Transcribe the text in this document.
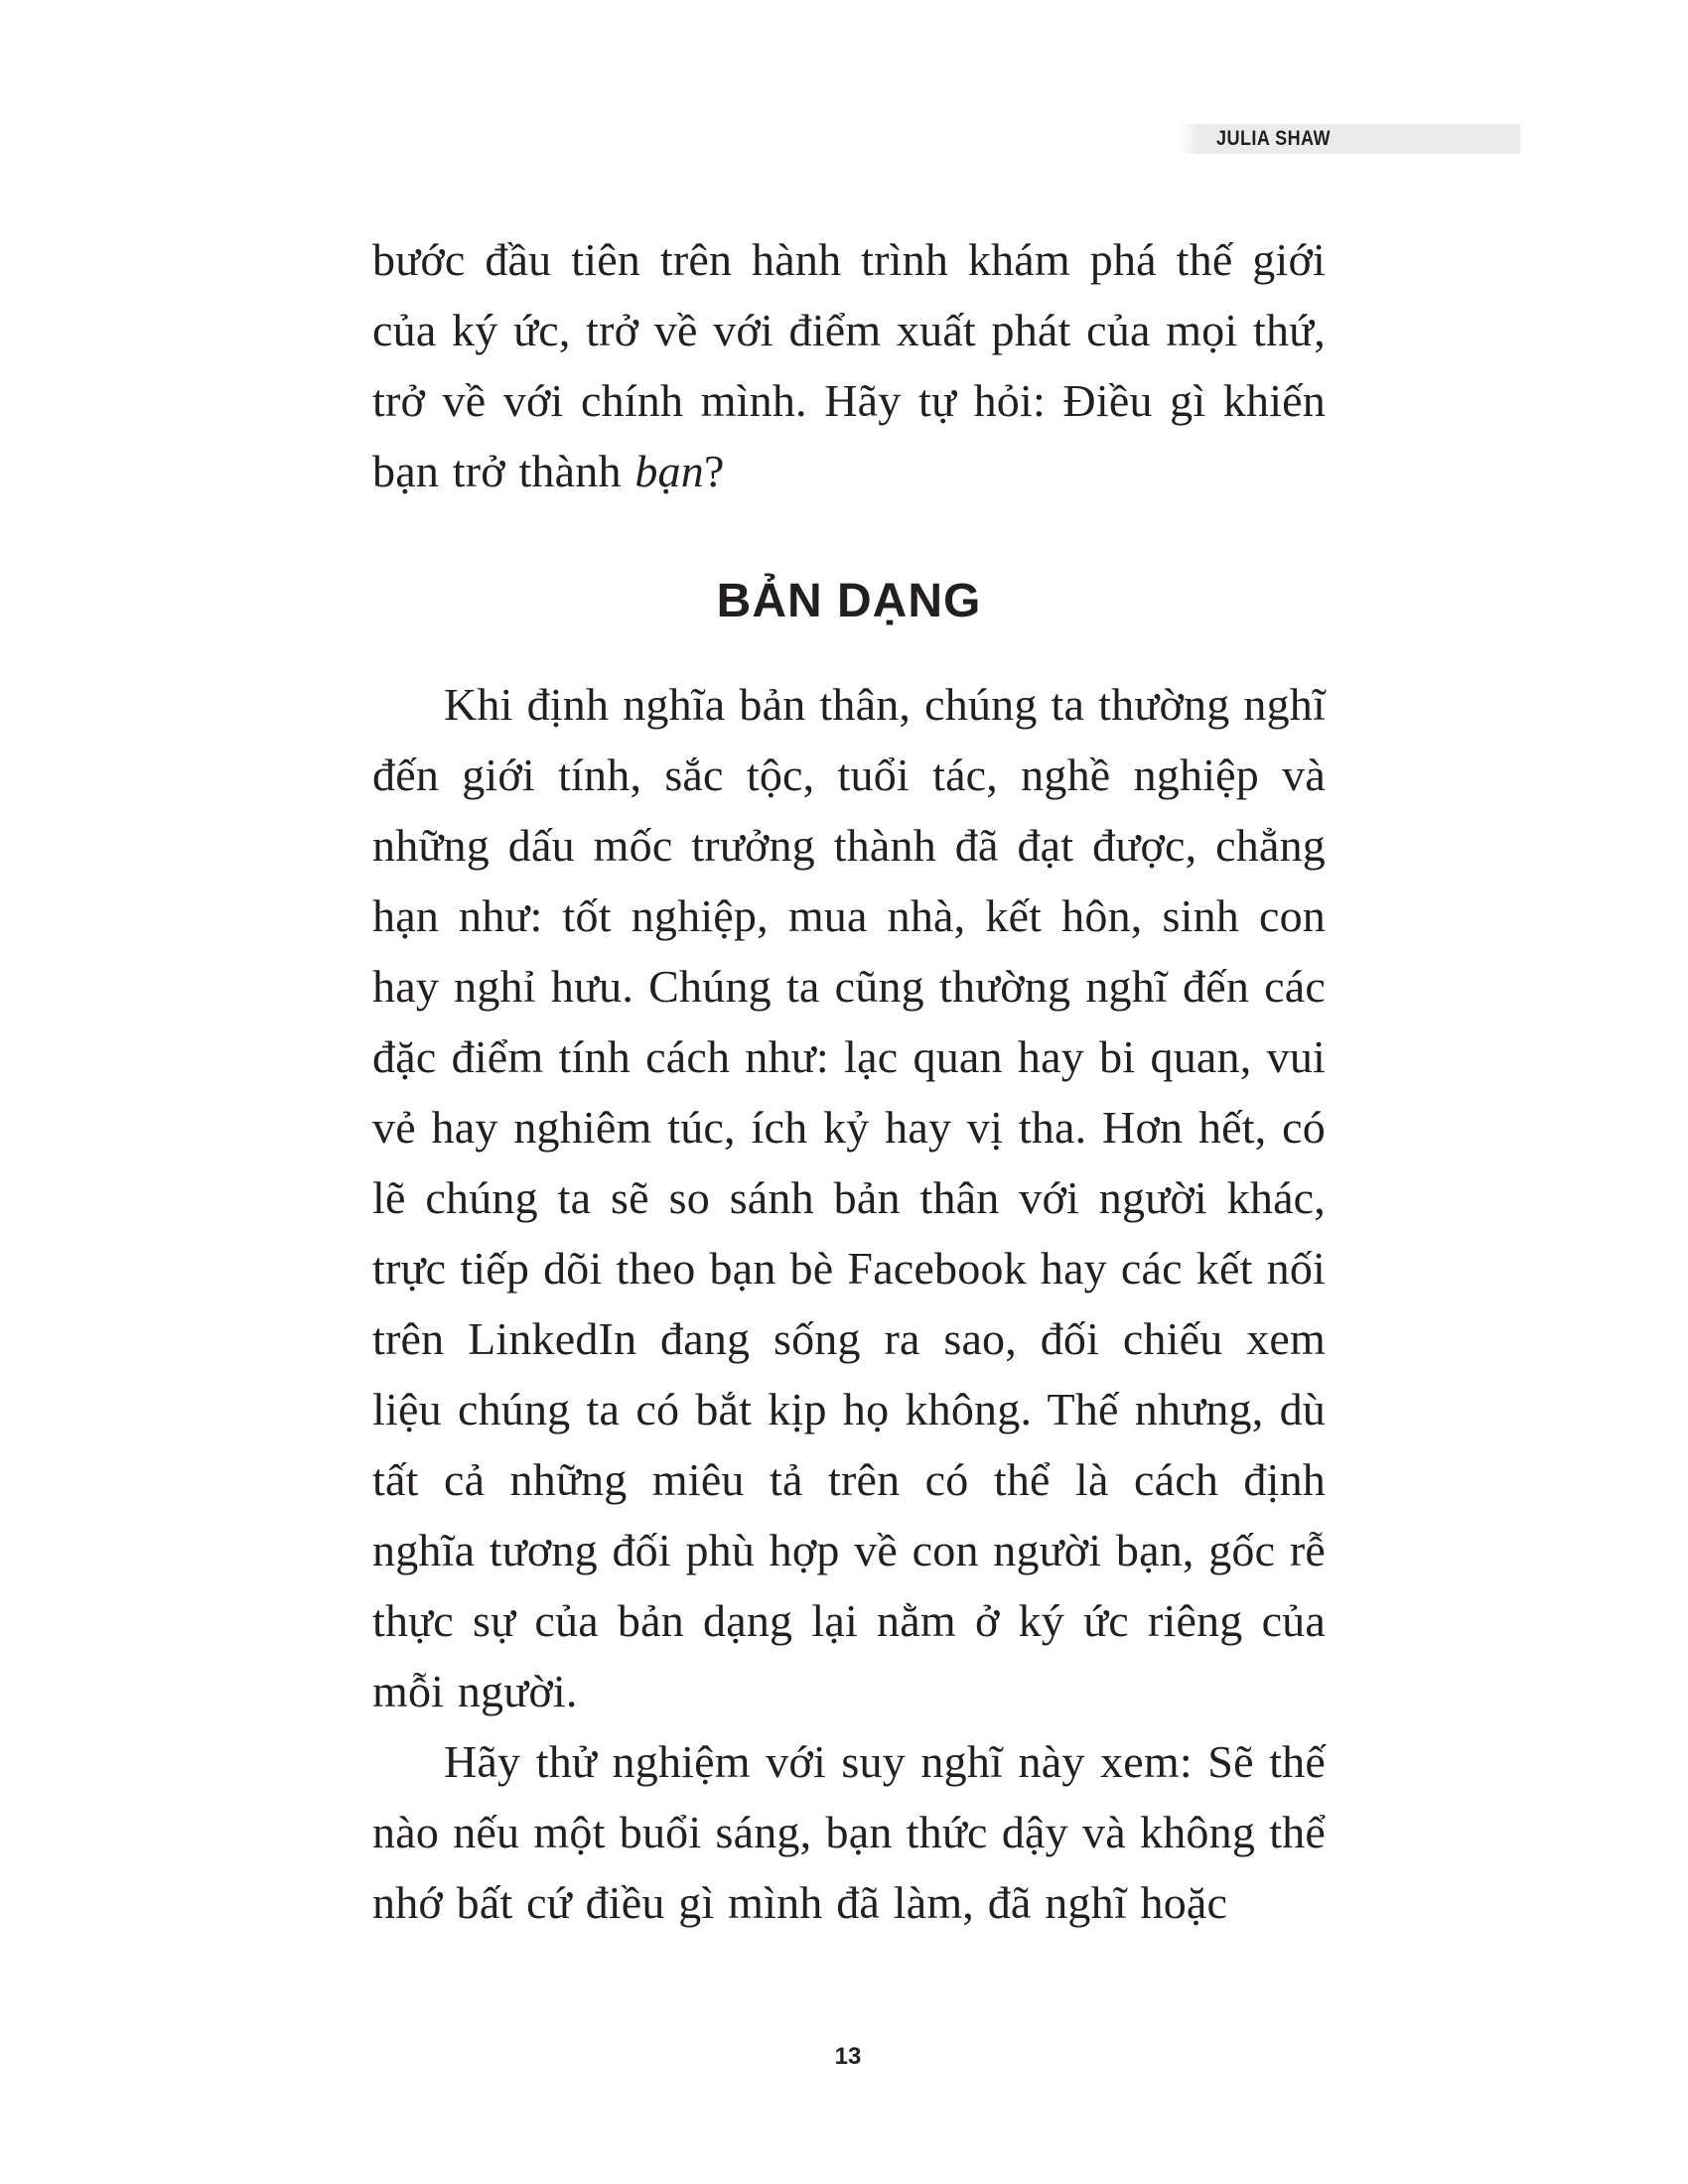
JULIA SHAW

bước đầu tiên trên hành trình khám phá thế giới của ký ức, trở về với điểm xuất phát của mọi thứ, trở về với chính mình. Hãy tự hỏi: Điều gì khiến bạn trở thành bạn?

BẢN DẠNG

Khi định nghĩa bản thân, chúng ta thường nghĩ đến giới tính, sắc tộc, tuổi tác, nghề nghiệp và những dấu mốc trưởng thành đã đạt được, chẳng hạn như: tốt nghiệp, mua nhà, kết hôn, sinh con hay nghỉ hưu. Chúng ta cũng thường nghĩ đến các đặc điểm tính cách như: lạc quan hay bi quan, vui vẻ hay nghiêm túc, ích kỷ hay vị tha. Hơn hết, có lẽ chúng ta sẽ so sánh bản thân với người khác, trực tiếp dõi theo bạn bè Facebook hay các kết nối trên LinkedIn đang sống ra sao, đối chiếu xem liệu chúng ta có bắt kịp họ không. Thế nhưng, dù tất cả những miêu tả trên có thể là cách định nghĩa tương đối phù hợp về con người bạn, gốc rễ thực sự của bản dạng lại nằm ở ký ức riêng của mỗi người.

Hãy thử nghiệm với suy nghĩ này xem: Sẽ thế nào nếu một buổi sáng, bạn thức dậy và không thể nhớ bất cứ điều gì mình đã làm, đã nghĩ hoặc

13
